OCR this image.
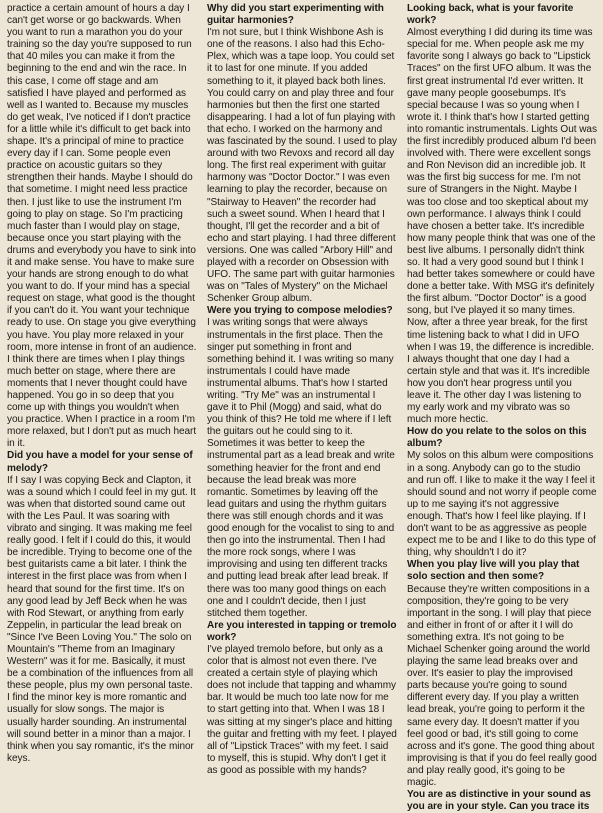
practice a certain amount of hours a day I can't get worse or go backwards. When you want to run a marathon you do your training so the day you're supposed to run that 40 miles you can make it from the beginning to the end and win the race. In this case, I come off stage and am satisfied I have played and performed as well as I wanted to. Because my muscles do get weak, I've noticed if I don't practice for a little while it's difficult to get back into shape. It's a principal of mine to practice every day if I can. Some people even practice on acoustic guitars so they strengthen their hands. Maybe I should do that sometime. I might need less practice then. I just like to use the instrument I'm going to play on stage. So I'm practicing much faster than I would play on stage, because once you start playing with the drums and everybody you have to sink into it and make sense. You have to make sure your hands are strong enough to do what you want to do. If your mind has a special request on stage, what good is the thought if you can't do it. You want your technique ready to use. On stage you give everything you have. You play more relaxed in your room, more intense in front of an audience. I think there are times when I play things much better on stage, where there are moments that I never thought could have happened. You go in so deep that you come up with things you wouldn't when you practice. When I practice in a room I'm more relaxed, but I don't put as much heart in it.

Did you have a model for your sense of melody?

If I say I was copying Beck and Clapton, it was a sound which I could feel in my gut. It was when that distorted sound came out with the Les Paul. It was soaring with vibrato and singing. It was making me feel really good. I felt if I could do this, it would be incredible. Trying to become one of the best guitarists came a bit later. I think the interest in the first place was from when I heard that sound for the first time. It's on any good lead by Jeff Beck when he was with Rod Stewart, or anything from early Zeppelin, in particular the lead break on "Since I've Been Loving You." The solo on Mountain's "Theme from an Imaginary Western" was it for me. Basically, it must be a combination of the influences from all these people, plus my own personal taste. I find the minor key is more romantic and usually for slow songs. The major is usually harder sounding. An instrumental will sound better in a minor than a major. I think when you say romantic, it's the minor keys.

Why did you start experimenting with guitar harmonies?

I'm not sure, but I think Wishbone Ash is one of the reasons. I also had this Echo-Plex, which was a tape loop. You could set it to last for one minute. If you added something to it, it played back both lines. You could carry on and play three and four harmonies but then the first one started disappearing. I had a lot of fun playing with that echo. I worked on the harmony and was fascinated by the sound. I used to play around with two Revoxs and record all day long. The first real experiment with guitar harmony was "Doctor Doctor." I was even learning to play the recorder, because on "Stairway to Heaven" the recorder had such a sweet sound. When I heard that I thought, I'll get the recorder and a bit of echo and start playing. I had three different versions. One was called "Arbory Hill" and played with a recorder on Obsession with UFO. The same part with guitar harmonies was on "Tales of Mystery" on the Michael Schenker Group album.

Were you trying to compose melodies?

I was writing songs that were always instrumentals in the first place. Then the singer put something in front and something behind it. I was writing so many instrumentals I could have made instrumental albums. That's how I started writing. "Try Me" was an instrumental I gave it to Phil (Mogg) and said, what do you think of this? He told me where if I left the guitars out he could sing to it. Sometimes it was better to keep the instrumental part as a lead break and write something heavier for the front and end because the lead break was more romantic. Sometimes by leaving off the lead guitars and using the rhythm guitars there was still enough chords and it was good enough for the vocalist to sing to and then go into the instrumental. Then I had the more rock songs, where I was improvising and using ten different tracks and putting lead break after lead break. If there was too many good things on each one and I couldn't decide, then I just stitched them together.

Are you interested in tapping or tremolo work?

I've played tremolo before, but only as a color that is almost not even there. I've created a certain style of playing which does not include that tapping and whammy bar. It would be much too late now for me to start getting into that. When I was 18 I was sitting at my singer's place and hitting the guitar and fretting with my feet. I played all of "Lipstick Traces" with my feet. I said to myself, this is stupid. Why don't I get it as good as possible with my hands?

Looking back, what is your favorite work?

Almost everything I did during its time was special for me. When people ask me my favorite song I always go back to "Lipstick Traces" on the first UFO album. It was the first great instrumental I'd ever written. It gave many people goosebumps. It's special because I was so young when I wrote it. I think that's how I started getting into romantic instrumentals. Lights Out was the first incredibly produced album I'd been involved with. There were excellent songs and Ron Nevison did an incredible job. It was the first big success for me. I'm not sure of Strangers in the Night. Maybe I was too close and too skeptical about my own performance. I always think I could have chosen a better take. It's incredible how many people think that was one of the best live albums. I personally didn't think so. It had a very good sound but I think I had better takes somewhere or could have done a better take. With MSG it's definitely the first album. "Doctor Doctor" is a good song, but I've played it so many times. Now, after a three year break, for the first time listening back to what I did in UFO when I was 19, the difference is incredible. I always thought that one day I had a certain style and that was it. It's incredible how you don't hear progress until you leave it. The other day I was listening to my early work and my vibrato was so much more hectic.

How do you relate to the solos on this album?

My solos on this album were compositions in a song. Anybody can go to the studio and run off. I like to make it the way I feel it should sound and not worry if people come up to me saying it's not aggressive enough. That's how I feel like playing. If I don't want to be as aggressive as people expect me to be and I like to do this type of thing, why shouldn't I do it?

When you play live will you play that solo section and then some?

Because they're written compositions in a composition, they're going to be very important in the song. I will play that piece and either in front of or after it I will do something extra. It's not going to be Michael Schenker going around the world playing the same lead breaks over and over. It's easier to play the improvised parts because you're going to sound different every day. If you play a written lead break, you're going to perform it the same every day. It doesn't matter if you feel good or bad, it's still going to come across and it's gone. The good thing about improvising is that if you do feel really good and play really good, it's going to be magic.

You are as distinctive in your sound as you are in your style. Can you trace its
